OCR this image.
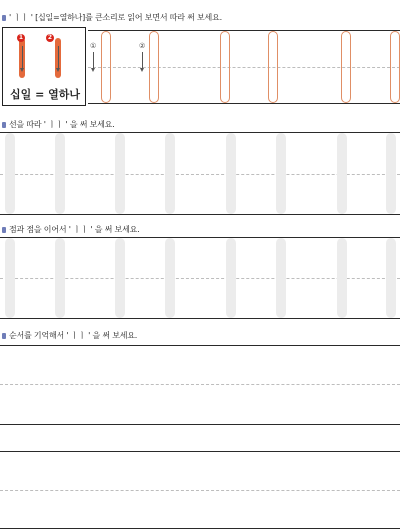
' ㅣㅣ ' [십일=열하나]를 큰소리로 읽어 보면서 따라 써 보세요.
1	2
십일 = 열하나
①	②
선을 따라 ' ㅣㅣ ' 을 써 보세요.
점과 점을 이어서 ' ㅣㅣ ' 을 써 보세요.
순서를 기억해서 ' ㅣㅣ ' 을 써 보세요.
